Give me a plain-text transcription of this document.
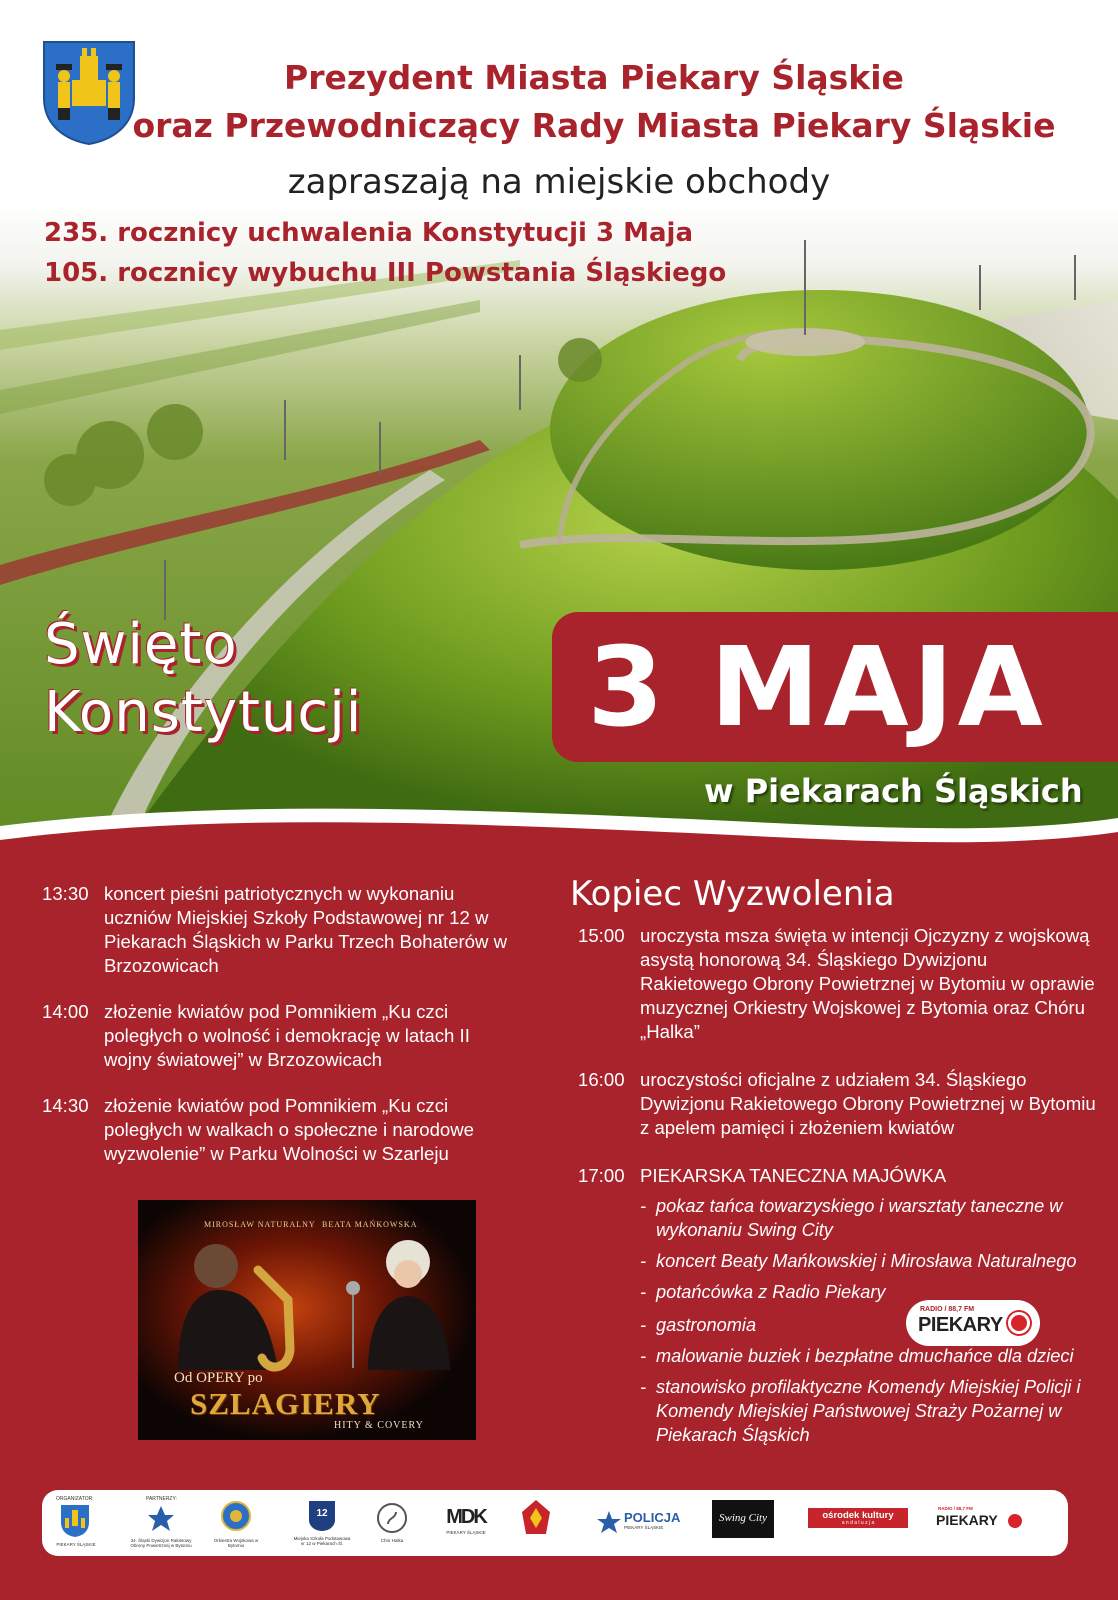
Prezydent Miasta Piekary Śląskie
oraz Przewodniczący Rady Miasta Piekary Śląskie
zapraszają na miejskie obchody
235. rocznicy uchwalenia Konstytucji 3 Maja
105. rocznicy wybuchu III Powstania Śląskiego
Święto
Konstytucji	3 MAJA
w Piekarach Śląskich
13:30 koncert pieśni patriotycznych w wykonaniu uczniów Miejskiej Szkoły Podstawowej nr 12 w Piekarach Śląskich w Parku Trzech Bohaterów w Brzozowicach
14:00 złożenie kwiatów pod Pomnikiem „Ku czci poległych o wolność i demokrację w latach II wojny światowej” w Brzozowicach
14:30 złożenie kwiatów pod Pomnikiem „Ku czci poległych w walkach o społeczne i narodowe wyzwolenie” w Parku Wolności w Szarleju
Kopiec Wyzwolenia
15:00 uroczysta msza święta w intencji Ojczyzny z wojskową asystą honorową 34. Śląskiego Dywizjonu Rakietowego Obrony Powietrznej w Bytomiu w oprawie muzycznej Orkiestry Wojskowej z Bytomia oraz Chóru „Halka”
16:00 uroczystości oficjalne z udziałem 34. Śląskiego Dywizjonu Rakietowego Obrony Powietrznej w Bytomiu z apelem pamięci i złożeniem kwiatów
17:00 PIEKARSKA TANECZNA MAJÓWKA
- pokaz tańca towarzyskiego i warsztaty taneczne w wykonaniu Swing City
- koncert Beaty Mańkowskiej i Mirosława Naturalnego
- potańcówka z Radio Piekary
- gastronomia
- malowanie buziek i bezpłatne dmuchańce dla dzieci
- stanowisko profilaktyczne Komendy Miejskiej Policji i Komendy Miejskiej Państwowej Straży Pożarnej w Piekarach Śląskich
RADIO / 88,7 FM
PIEKARY
MIROSŁAW NATURALNY BEATA MAŃKOWSKA
Od OPERY po
SZLAGIERY
HITY & COVERY
ORGANIZATOR:
PIEKARY ŚLĄSKIE
PARTNERZY:
34. Śląski Dywizjon Rakietowy Obrony Powietrznej w Bytomiu
Orkiestra Wojskowa w Bytomiu
12
Miejska Szkoła Podstawowa nr 12 w Piekarach Śl.
Chór Halka
MDK
PIEKARY ŚLĄSKIE
POLICJA
PIEKARY ŚLĄSKIE
Swing City	ośrodek kultury
a n d a l u z j a
RADIO / 88,7 FM
PIEKARY
